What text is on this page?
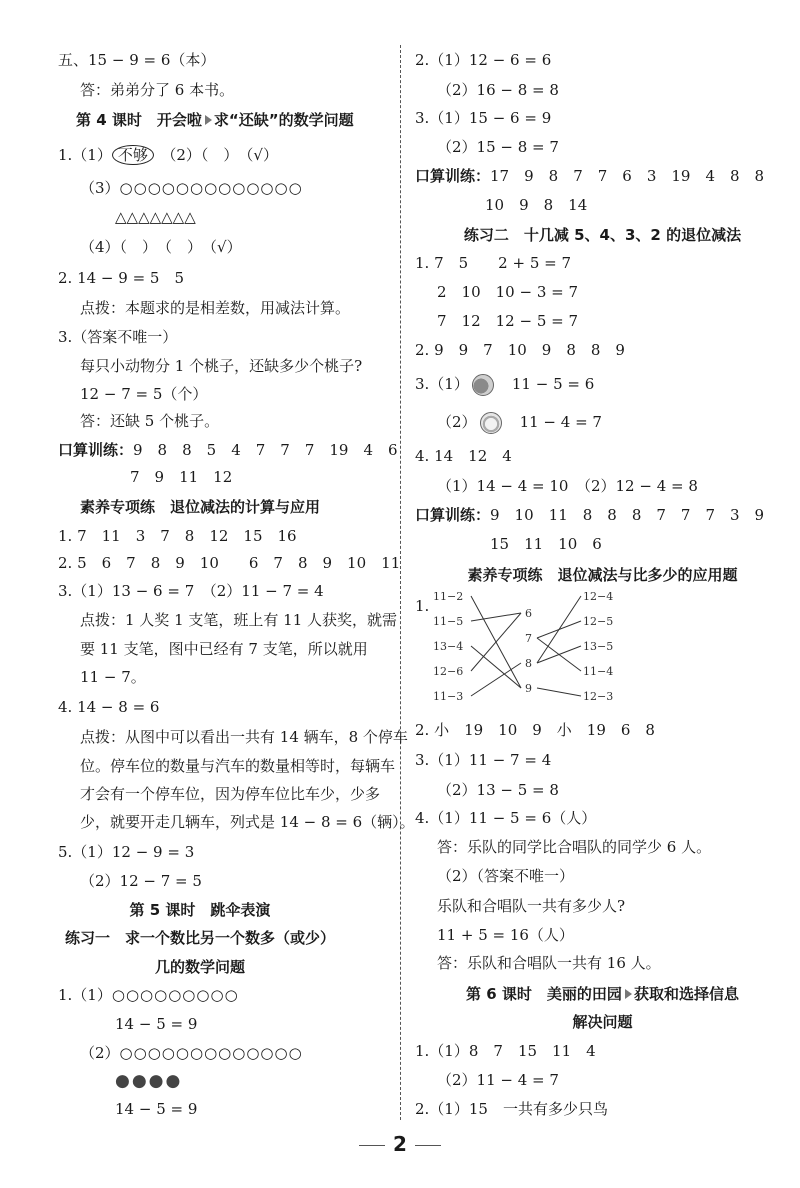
五、15 − 9 = 6（本）
答：弟弟分了 6 本书。
第 4 课时　开会啦 求“还缺”的数学问题
1.（1） 不够　 （2）（　）　（√）
（3）○○○○○○○○○○○○○
△△△△△△△
（4）（　）　（　）　（√）
2. 14 − 9 = 5　5
点拨：本题求的是相差数，用减法计算。
3.（答案不唯一）
每只小动物分 1 个桃子，还缺多少个桃子?
12 − 7 = 5（个）
答：还缺 5 个桃子。
口算训练：9　8　8　5　4　7　7　7　19　4　6
7　9　11　12
素养专项练　退位减法的计算与应用
1. 7　11　3　7　8　12　15　16
2. 5　6　7　8　9　10　　6　7　8　9　10　11
3.（1）13 − 6 = 7　（2）11 − 7 = 4
点拨：1 人奖 1 支笔，班上有 11 人获奖，就需
要 11 支笔，图中已经有 7 支笔，所以就用
11 − 7。
4. 14 − 8 = 6
点拨：从图中可以看出一共有 14 辆车，8 个停车
位。停车位的数量与汽车的数量相等时，每辆车
才会有一个停车位，因为停车位比车少，少多
少，就要开走几辆车，列式是 14 − 8 = 6（辆）。
5.（1）12 − 9 = 3
（2）12 − 7 = 5
第 5 课时　跳伞表演
练习一　求一个数比另一个数多（或少）
几的数学问题
1.（1）○○○○○○○○○
14 − 5 = 9
（2）○○○○○○○○○○○○○
●●●●
14 − 5 = 9
2.（1）12 − 6 = 6
（2）16 − 8 = 8
3.（1）15 − 6 = 9
（2）15 − 8 = 7
口算训练：17　9　8　7　7　6　3　19　4　8　8
10　9　8　14
练习二　十几减 5、4、3、2 的退位减法
1. 7　5　　2 + 5 = 7
2　10　10 − 3 = 7
7　12　12 − 5 = 7
2. 9　9　7　10　9　8　8　9
3.（1）　	11 − 5 = 6
（2）　	11 − 4 = 7
4. 14　12　4
（1）14 − 4 = 10　（2）12 − 4 = 8
口算训练：9　10　11　8　8　8　7　7　7　3　9
15　11　10　6
素养专项练　退位减法与比多少的应用题
1.
11−2
11−5
13−4
12−6
11−3
6
7
8
9
12−4
12−5
13−5
11−4
12−3
2. 小　19　10　9　小　19　6　8
3.（1）11 − 7 = 4
（2）13 − 5 = 8
4.（1）11 − 5 = 6（人）
答：乐队的同学比合唱队的同学少 6 人。
（2）（答案不唯一）
乐队和合唱队一共有多少人?
11 + 5 = 16（人）
答：乐队和合唱队一共有 16 人。
第 6 课时　美丽的田园 获取和选择信息
解决问题
1.（1）8　7　15　11　4
（2）11 − 4 = 7
2.（1）15　一共有多少只鸟
2
